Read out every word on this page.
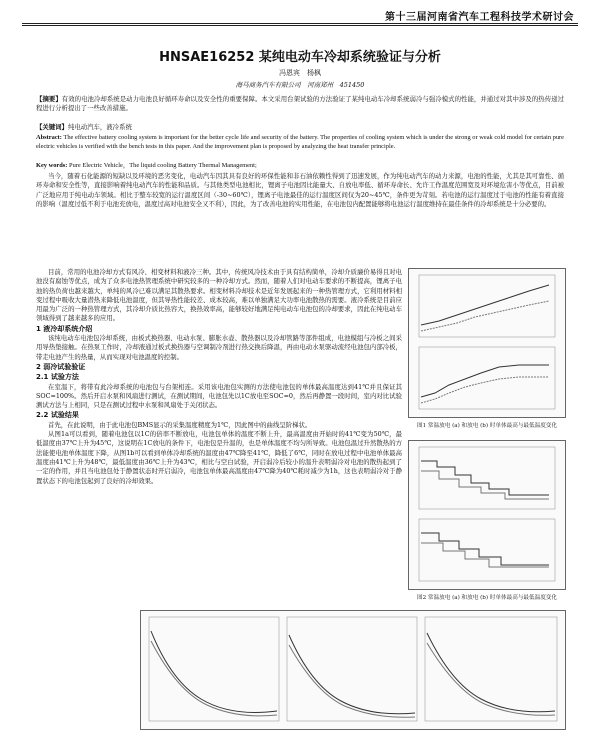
第十三届河南省汽车工程科技学术研讨会
HNSAE16252 某纯电动车冷却系统验证与分析
冯恩宾　杨枫
海马商务汽车有限公司　河南郑州　451450
【摘要】有效的电池冷却系统是动力电池良好循环寿命以及安全性的重要保障。本文采用台架试验的方法验证了某纯电动车冷却系统弱冷与强冷模式的性能，并通过对其中涉及的热传递过程进行分析提出了一些改善措施。
【关键词】纯电动汽车，液冷系统
Abstract: The effective battery cooling system is important for the better cycle life and security of the battery. The properties of cooling system which is under the strong or weak cold model for certain pure electric vehicles is verified with the bench tests in this paper. And the improvement plan is proposed by analyzing the heat transfer principle.
Key words: Pure Electric Vehicle，The liquid cooling Battery Thermal Management;

当今，随着石化能源的短缺以及环境的恶劣变化，电动汽车因其具有良好的环保性能和非石油依赖性得到了迅速发展，作为纯电动汽车的动力来源，电池的性能，尤其是其可靠性、循环寿命和安全性等，直接影响着纯电动汽车的性能和品质。与其他类型电池相比，锂离子电池因比能量大、自放电率低、循环寿命长、允许工作温度范围宽及对环境危害小等优点，目前被广泛地应用于纯电动车领域。相比于整车较宽的运行温度区间（-30~60℃），锂离子电池最佳的运行温度区间仅为20~45℃，条件更为苛刻。若电池的运行温度过于电池的性能有着直接的影响（温度过低不利于电池充放电，温度过高对电池安全又不利），因此，为了改善电池的实用性能，在电池包内配置能够将电池运行温度维持在最佳条件的冷却系统是十分必要的。

目前，常用的电池冷却方式有风冷、相变材料和液冷三种。其中，传统风冷技术由于具有结构简单，冷却介质廉价易得且对电池没有腐蚀等优点，成为了众多电池热管理系统中研究较多的一种冷却方式。然而，随着人们对电动车要求的不断提高，锂离子电池的热负荷也越来越大，单纯的风冷已难以满足其散热要求。相变材料冷却技术是近年发展起来的一种热管理方式，它利用材料相变过程中吸收大量潜热来降低电池温度，但其导热性能较差、成本较高，难以单独满足大功率电池散热的需要。液冷系统是目前应用最为广泛的一种热管理方式，其冷却介质比热容大，换热效率高，能够较好地满足纯电动车电池包的冷却要求，因此在纯电动车领域得到了越来越多的应用。

1 液冷却系统介绍

该纯电动车电池包冷却系统，由板式换热器、电动水泵、膨胀水壶、散热器以及冷却管路等部件组成，电池模组与冷板之间采用导热垫接触。在热泵工作时，冷却液通过板式换热器与空调制冷剂进行热交换后降温，再由电动水泵驱动流经电池包内部冷板，带走电池产生的热量，从而实现对电池温度的控制。

2 弱冷试验验证
2.1 试验方法

在室温下，将带有此冷却系统的电池包与台架相连。采用该电池包实测的方法使电池包的单体最高温度达到41℃并且保证其SOC=100%。然后开启水泵和风扇进行测试，在测试期间，电池包先以1C放电至SOC=0，然后再静置一段时间，室内对比试验测试方法与上相同，只是在测试过程中水泵和风扇处于关闭状态。

2.2 试验结果

首先，在此说明，由于此电池包BMS显示的采集温度精度为1℃，因此图中的曲线呈阶梯状。

从图1a可以看到，随着电池包以1C的倍率不断放电，电池包单体的温度不断上升，最高温度由开始时的41℃变为50℃，最低温度由37℃上升为45℃，这说明在1C放电的条件下，电池包是升温的，也是单体温度不均匀所导致。电池包温过升然散热的方法能使电池单体温度下降，从图1b可以看到单体冷却系统的温度由47℃降至41℃，降低了6℃，同时在放电过程中电池单体最高温度由41℃上升为48℃，最低温度由36℃上升为43℃，相比与空白试验，开启弱冷后较小的温升表明弱冷对电池的散热起到了一定的作用，并且当电池包处于静置状态时开启弱冷，电池包单体最高温度由47℃降为40℃耗时减少为1h，这也表明弱冷对于静置状态下的电池包起到了良好的冷却效果。

图1 常温放电 (a) 和放电 (b) 时单体最高与最低温度变化
图2 常温放电 (a) 和放电 (b) 时单体最高与最低温度变化
